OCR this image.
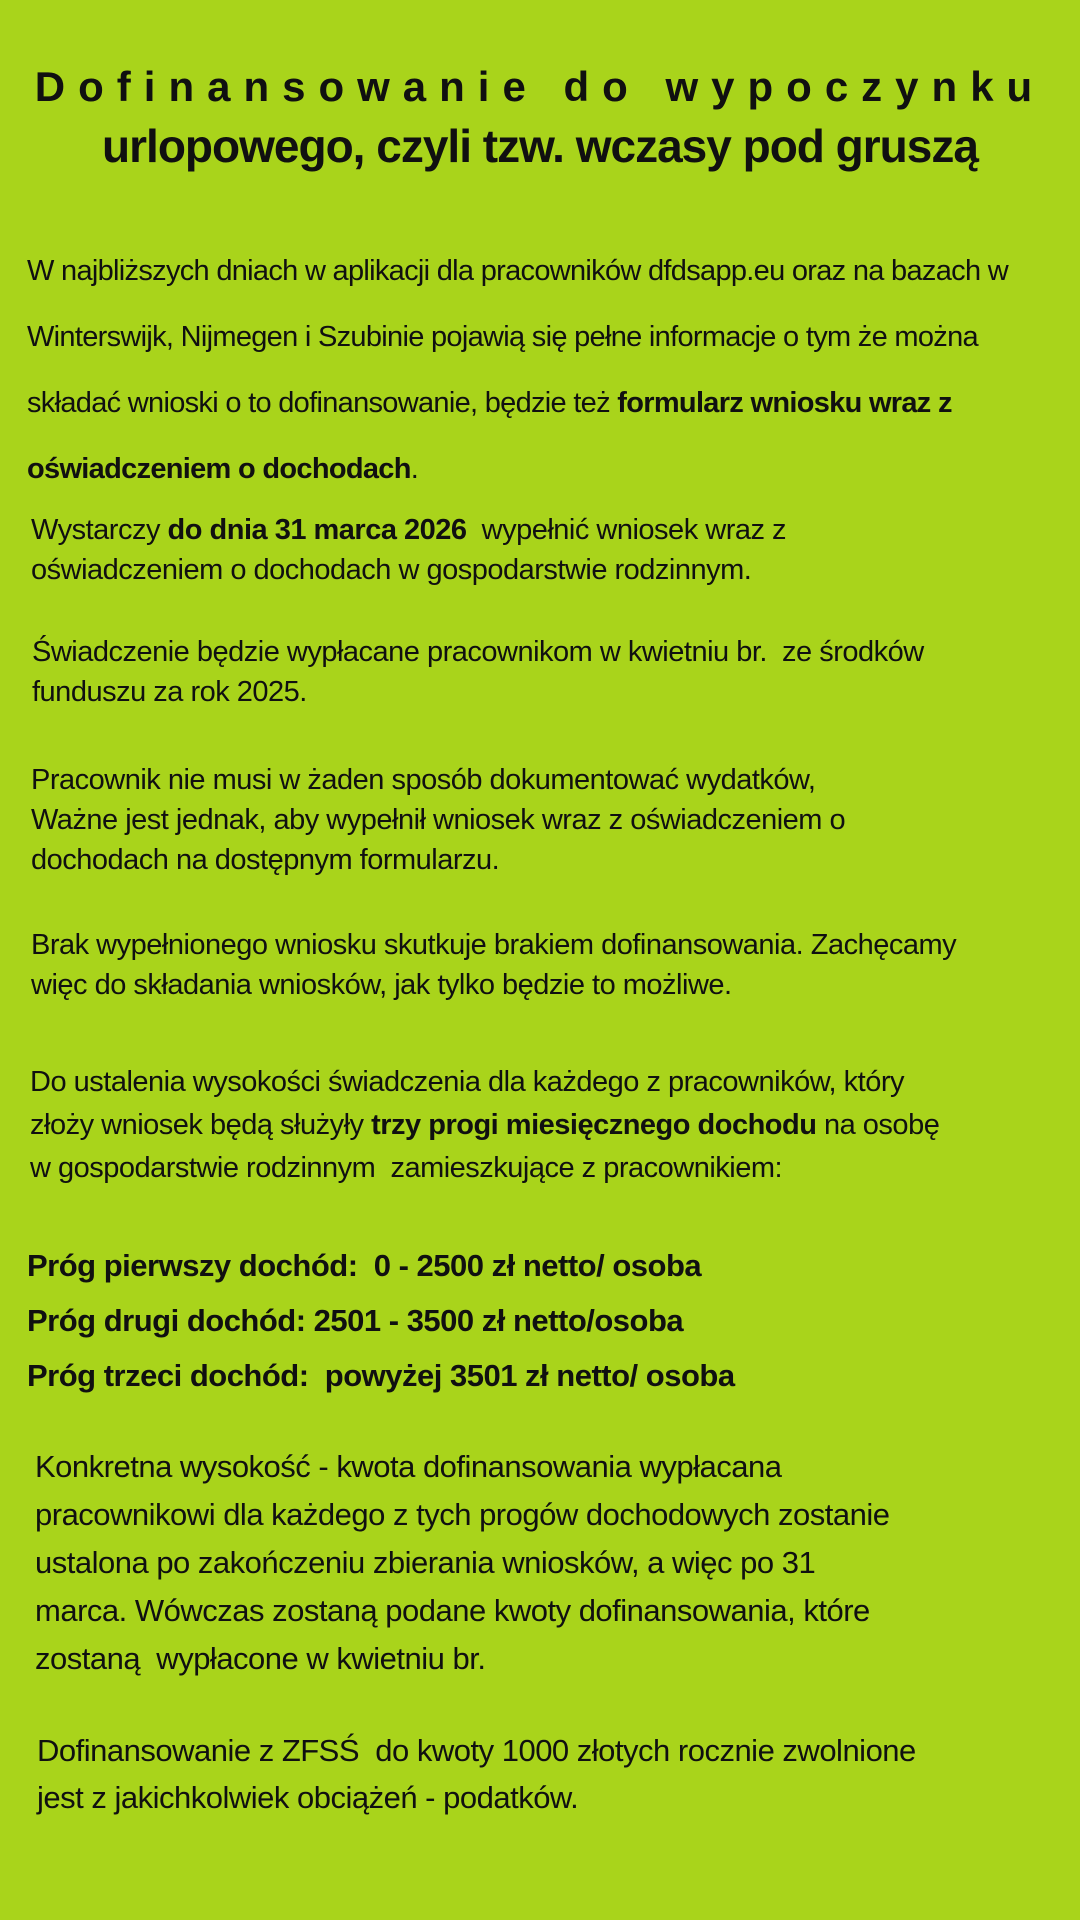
Dofinansowanie do wypoczynku
urlopowego, czyli tzw. wczasy pod gruszą

W najbliższych dniach w aplikacji dla pracowników dfdsapp.eu oraz na bazach w Winterswijk, Nijmegen i Szubinie pojawią się pełne informacje o tym że można składać wnioski o to dofinansowanie, będzie też formularz wniosku wraz z oświadczeniem o dochodach.

Wystarczy do dnia 31 marca 2026  wypełnić wniosek wraz z oświadczeniem o dochodach w gospodarstwie rodzinnym.

Świadczenie będzie wypłacane pracownikom w kwietniu br.  ze środków funduszu za rok 2025.

Pracownik nie musi w żaden sposób dokumentować wydatków, Ważne jest jednak, aby wypełnił wniosek wraz z oświadczeniem o dochodach na dostępnym formularzu.

Brak wypełnionego wniosku skutkuje brakiem dofinansowania. Zachęcamy więc do składania wniosków, jak tylko będzie to możliwe.

Do ustalenia wysokości świadczenia dla każdego z pracowników, który złoży wniosek będą służyły trzy progi miesięcznego dochodu na osobę w gospodarstwie rodzinnym  zamieszkujące z pracownikiem:

Próg pierwszy dochód:  0 - 2500 zł netto/ osoba

Próg drugi dochód: 2501 - 3500 zł netto/osoba

Próg trzeci dochód:  powyżej 3501 zł netto/ osoba

Konkretna wysokość - kwota dofinansowania wypłacana pracownikowi dla każdego z tych progów dochodowych zostanie ustalona po zakończeniu zbierania wniosków, a więc po 31 marca. Wówczas zostaną podane kwoty dofinansowania, które zostaną  wypłacone w kwietniu br.

Dofinansowanie z ZFSŚ  do kwoty 1000 złotych rocznie zwolnione jest z jakichkolwiek obciążeń - podatków.
